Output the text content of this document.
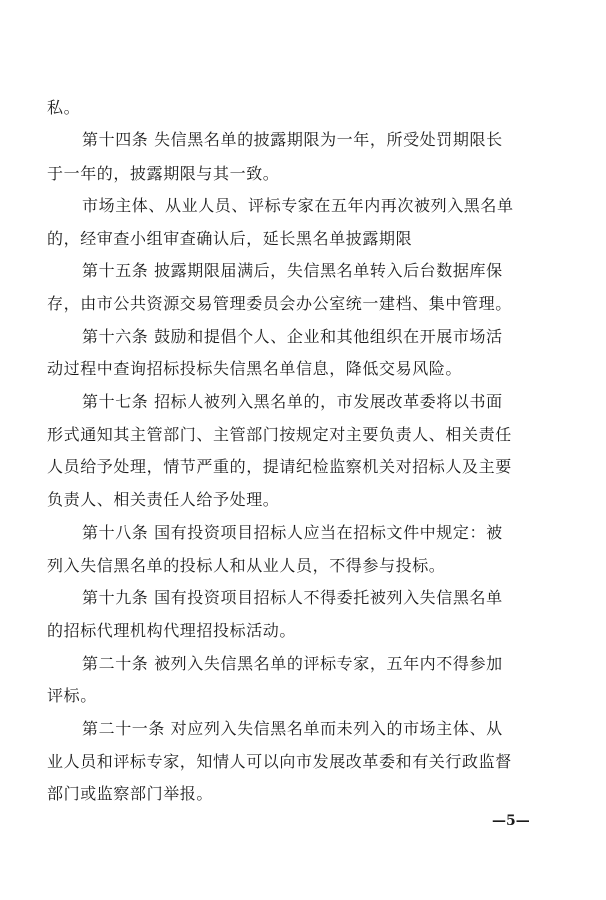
私。
第十四条 失信黑名单的披露期限为一年，所受处罚期限长
于一年的，披露期限与其一致。
市场主体、从业人员、评标专家在五年内再次被列入黑名单
的，经审查小组审查确认后，延长黑名单披露期限
第十五条 披露期限届满后，失信黑名单转入后台数据库保
存，由市公共资源交易管理委员会办公室统一建档、集中管理。
第十六条 鼓励和提倡个人、企业和其他组织在开展市场活
动过程中查询招标投标失信黑名单信息，降低交易风险。
第十七条 招标人被列入黑名单的，市发展改革委将以书面
形式通知其主管部门、主管部门按规定对主要负责人、相关责任
人员给予处理，情节严重的，提请纪检监察机关对招标人及主要
负责人、相关责任人给予处理。
第十八条 国有投资项目招标人应当在招标文件中规定：被
列入失信黑名单的投标人和从业人员，不得参与投标。
第十九条 国有投资项目招标人不得委托被列入失信黑名单
的招标代理机构代理招投标活动。
第二十条 被列入失信黑名单的评标专家，五年内不得参加
评标。
第二十一条 对应列入失信黑名单而未列入的市场主体、从
业人员和评标专家，知情人可以向市发展改革委和有关行政监督
部门或监察部门举报。
—5—
